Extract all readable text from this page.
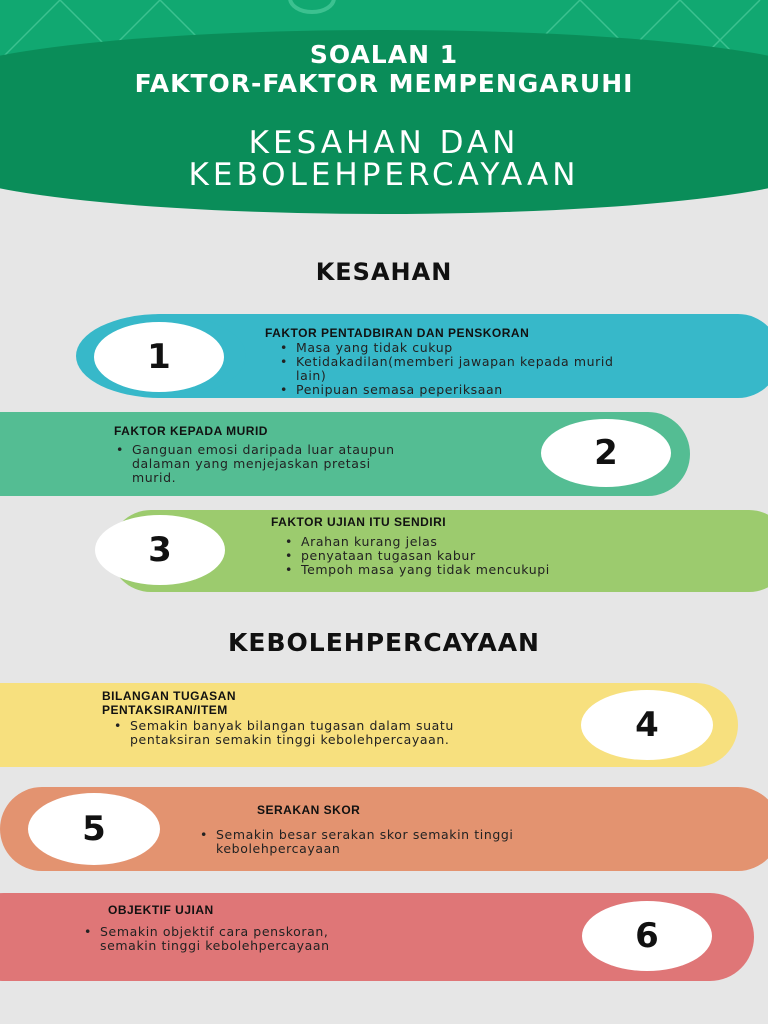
SOALAN 1
FAKTOR-FAKTOR MEMPENGARUHI
KESAHAN DAN
KEBOLEHPERCAYAAN
KESAHAN
1
FAKTOR PENTADBIRAN DAN PENSKORAN
• Masa yang tidak cukup
• Ketidakadilan(memberi jawapan kepada murid lain)
• Penipuan semasa peperiksaan
2
FAKTOR KEPADA MURID
• Ganguan emosi daripada luar ataupun dalaman yang menjejaskan pretasi murid.
3
FAKTOR UJIAN ITU SENDIRI
• Arahan kurang jelas
• penyataan tugasan kabur
• Tempoh masa yang tidak mencukupi
KEBOLEHPERCAYAAN
4
BILANGAN TUGASAN PENTAKSIRAN/ITEM
• Semakin banyak bilangan tugasan dalam suatu pentaksiran semakin tinggi kebolehpercayaan.
5	SERAKAN SKOR
• Semakin besar serakan skor semakin tinggi kebolehpercayaan
6
OBJEKTIF UJIAN
• Semakin objektif cara penskoran, semakin tinggi kebolehpercayaan
